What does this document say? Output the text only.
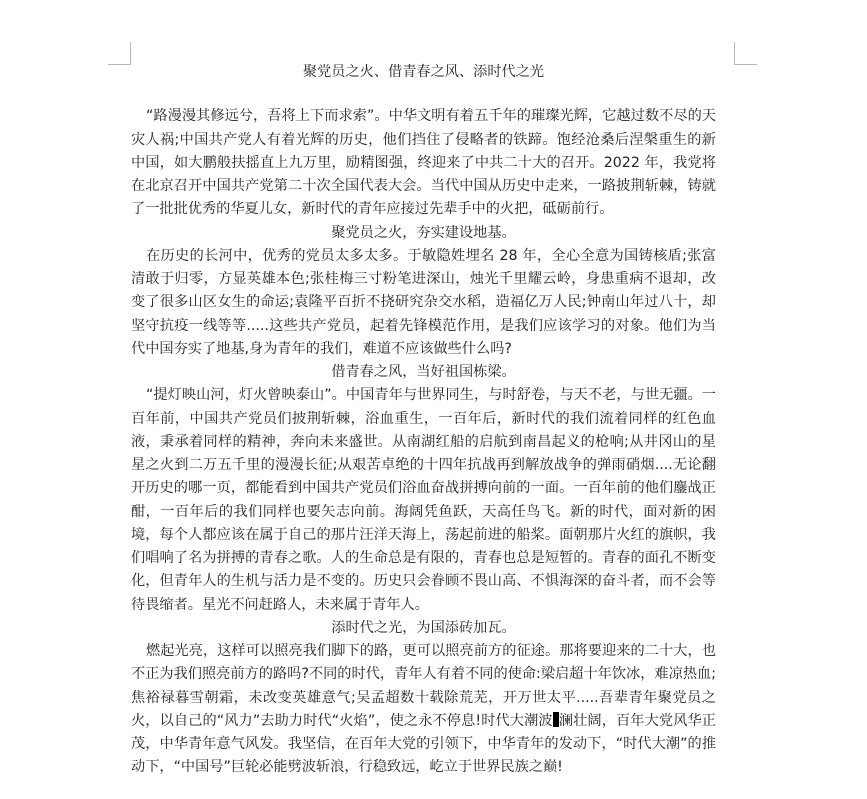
聚党员之火、借青春之风、添时代之光

“路漫漫其修远兮，吾将上下而求索”。中华文明有着五千年的璀璨光辉，它越过数不尽的天灾人祸;中国共产党人有着光辉的历史，他们挡住了侵略者的铁蹄。饱经沧桑后涅槃重生的新中国，如大鹏般扶摇直上九万里，励精图强，终迎来了中共二十大的召开。2022 年，我党将在北京召开中国共产党第二十次全国代表大会。当代中国从历史中走来，一路披荆斩棘，铸就了一批批优秀的华夏儿女，新时代的青年应接过先辈手中的火把，砥砺前行。

聚党员之火，夯实建设地基。

在历史的长河中，优秀的党员太多太多。于敏隐姓埋名 28 年，全心全意为国铸核盾;张富清敢于归零，方显英雄本色;张桂梅三寸粉笔进深山，烛光千里耀云岭，身患重病不退却，改变了很多山区女生的命运;袁隆平百折不挠研究杂交水稻，造福亿万人民;钟南山年过八十，却坚守抗疫一线等等.....这些共产党员，起着先锋模范作用，是我们应该学习的对象。他们为当代中国夯实了地基,身为青年的我们，难道不应该做些什么吗?

借青春之风，当好祖国栋梁。

“提灯映山河，灯火曾映泰山”。中国青年与世界同生，与时舒卷，与天不老，与世无疆。一百年前，中国共产党员们披荆斩棘，浴血重生，一百年后，新时代的我们流着同样的红色血液，秉承着同样的精神，奔向未来盛世。从南湖红船的启航到南昌起义的枪响;从井冈山的星星之火到二万五千里的漫漫长征;从艰苦卓绝的十四年抗战再到解放战争的弹雨硝烟....无论翻开历史的哪一页，都能看到中国共产党员们浴血奋战拼搏向前的一面。一百年前的他们鏖战正酣，一百年后的我们同样也要矢志向前。海阔凭鱼跃，天高任鸟飞。新的时代，面对新的困境，每个人都应该在属于自己的那片汪洋天海上，荡起前进的船桨。面朝那片火红的旗帜，我们唱响了名为拼搏的青春之歌。人的生命总是有限的，青春也总是短暂的。青春的面孔不断变化，但青年人的生机与活力是不变的。历史只会眷顾不畏山高、不惧海深的奋斗者，而不会等待畏缩者。星光不问赶路人，未来属于青年人。

添时代之光，为国添砖加瓦。

燃起光亮，这样可以照亮我们脚下的路，更可以照亮前方的征途。那将要迎来的二十大，也不正为我们照亮前方的路吗?不同的时代，青年人有着不同的使命:梁启超十年饮冰，难凉热血;焦裕禄暮雪朝霜，未改变英雄意气;吴孟超数十载除荒芜，开万世太平.....吾辈青年聚党员之火，以自己的“风力”去助力时代“火焰”，使之永不停息!时代大潮波 澜壮阔，百年大党风华正茂，中华青年意气风发。我坚信，在百年大党的引领下，中华青年的发动下，“时代大潮”的推动下，“中国号”巨轮必能劈波斩浪，行稳致远，屹立于世界民族之巅!
